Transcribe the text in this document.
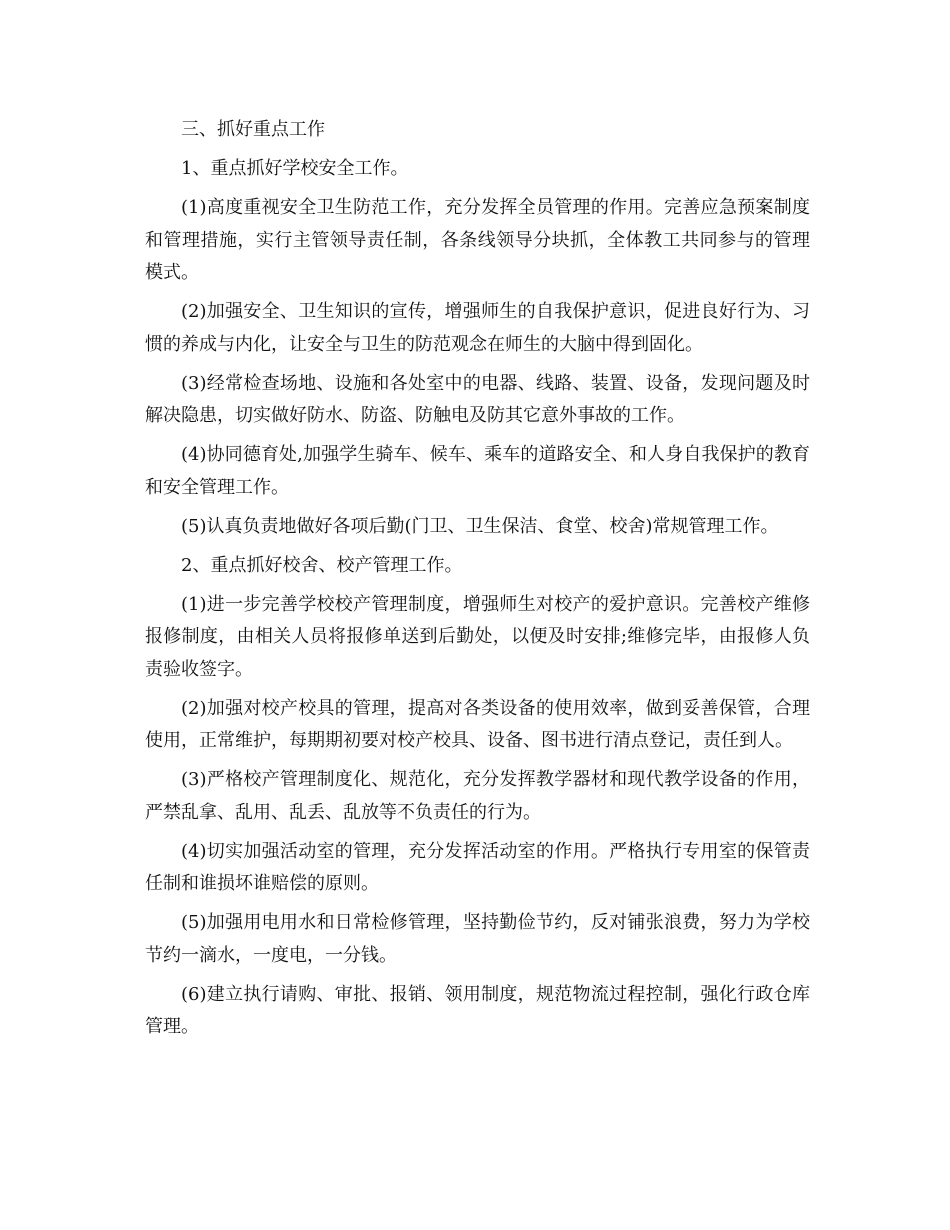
三、抓好重点工作

1、重点抓好学校安全工作。

(1)高度重视安全卫生防范工作，充分发挥全员管理的作用。完善应急预案制度和管理措施，实行主管领导责任制，各条线领导分块抓，全体教工共同参与的管理模式。

(2)加强安全、卫生知识的宣传，增强师生的自我保护意识，促进良好行为、习惯的养成与内化，让安全与卫生的防范观念在师生的大脑中得到固化。

(3)经常检查场地、设施和各处室中的电器、线路、装置、设备，发现问题及时解决隐患，切实做好防水、防盗、防触电及防其它意外事故的工作。

(4)协同德育处,加强学生骑车、候车、乘车的道路安全、和人身自我保护的教育和安全管理工作。

(5)认真负责地做好各项后勤(门卫、卫生保洁、食堂、校舍)常规管理工作。

2、重点抓好校舍、校产管理工作。

(1)进一步完善学校校产管理制度，增强师生对校产的爱护意识。完善校产维修报修制度，由相关人员将报修单送到后勤处，以便及时安排;维修完毕，由报修人负责验收签字。

(2)加强对校产校具的管理，提高对各类设备的使用效率，做到妥善保管，合理使用，正常维护，每期期初要对校产校具、设备、图书进行清点登记，责任到人。

(3)严格校产管理制度化、规范化，充分发挥教学器材和现代教学设备的作用，严禁乱拿、乱用、乱丢、乱放等不负责任的行为。

(4)切实加强活动室的管理，充分发挥活动室的作用。严格执行专用室的保管责任制和谁损坏谁赔偿的原则。

(5)加强用电用水和日常检修管理，坚持勤俭节约，反对铺张浪费，努力为学校节约一滴水，一度电，一分钱。

(6)建立执行请购、审批、报销、领用制度，规范物流过程控制，强化行政仓库管理。
